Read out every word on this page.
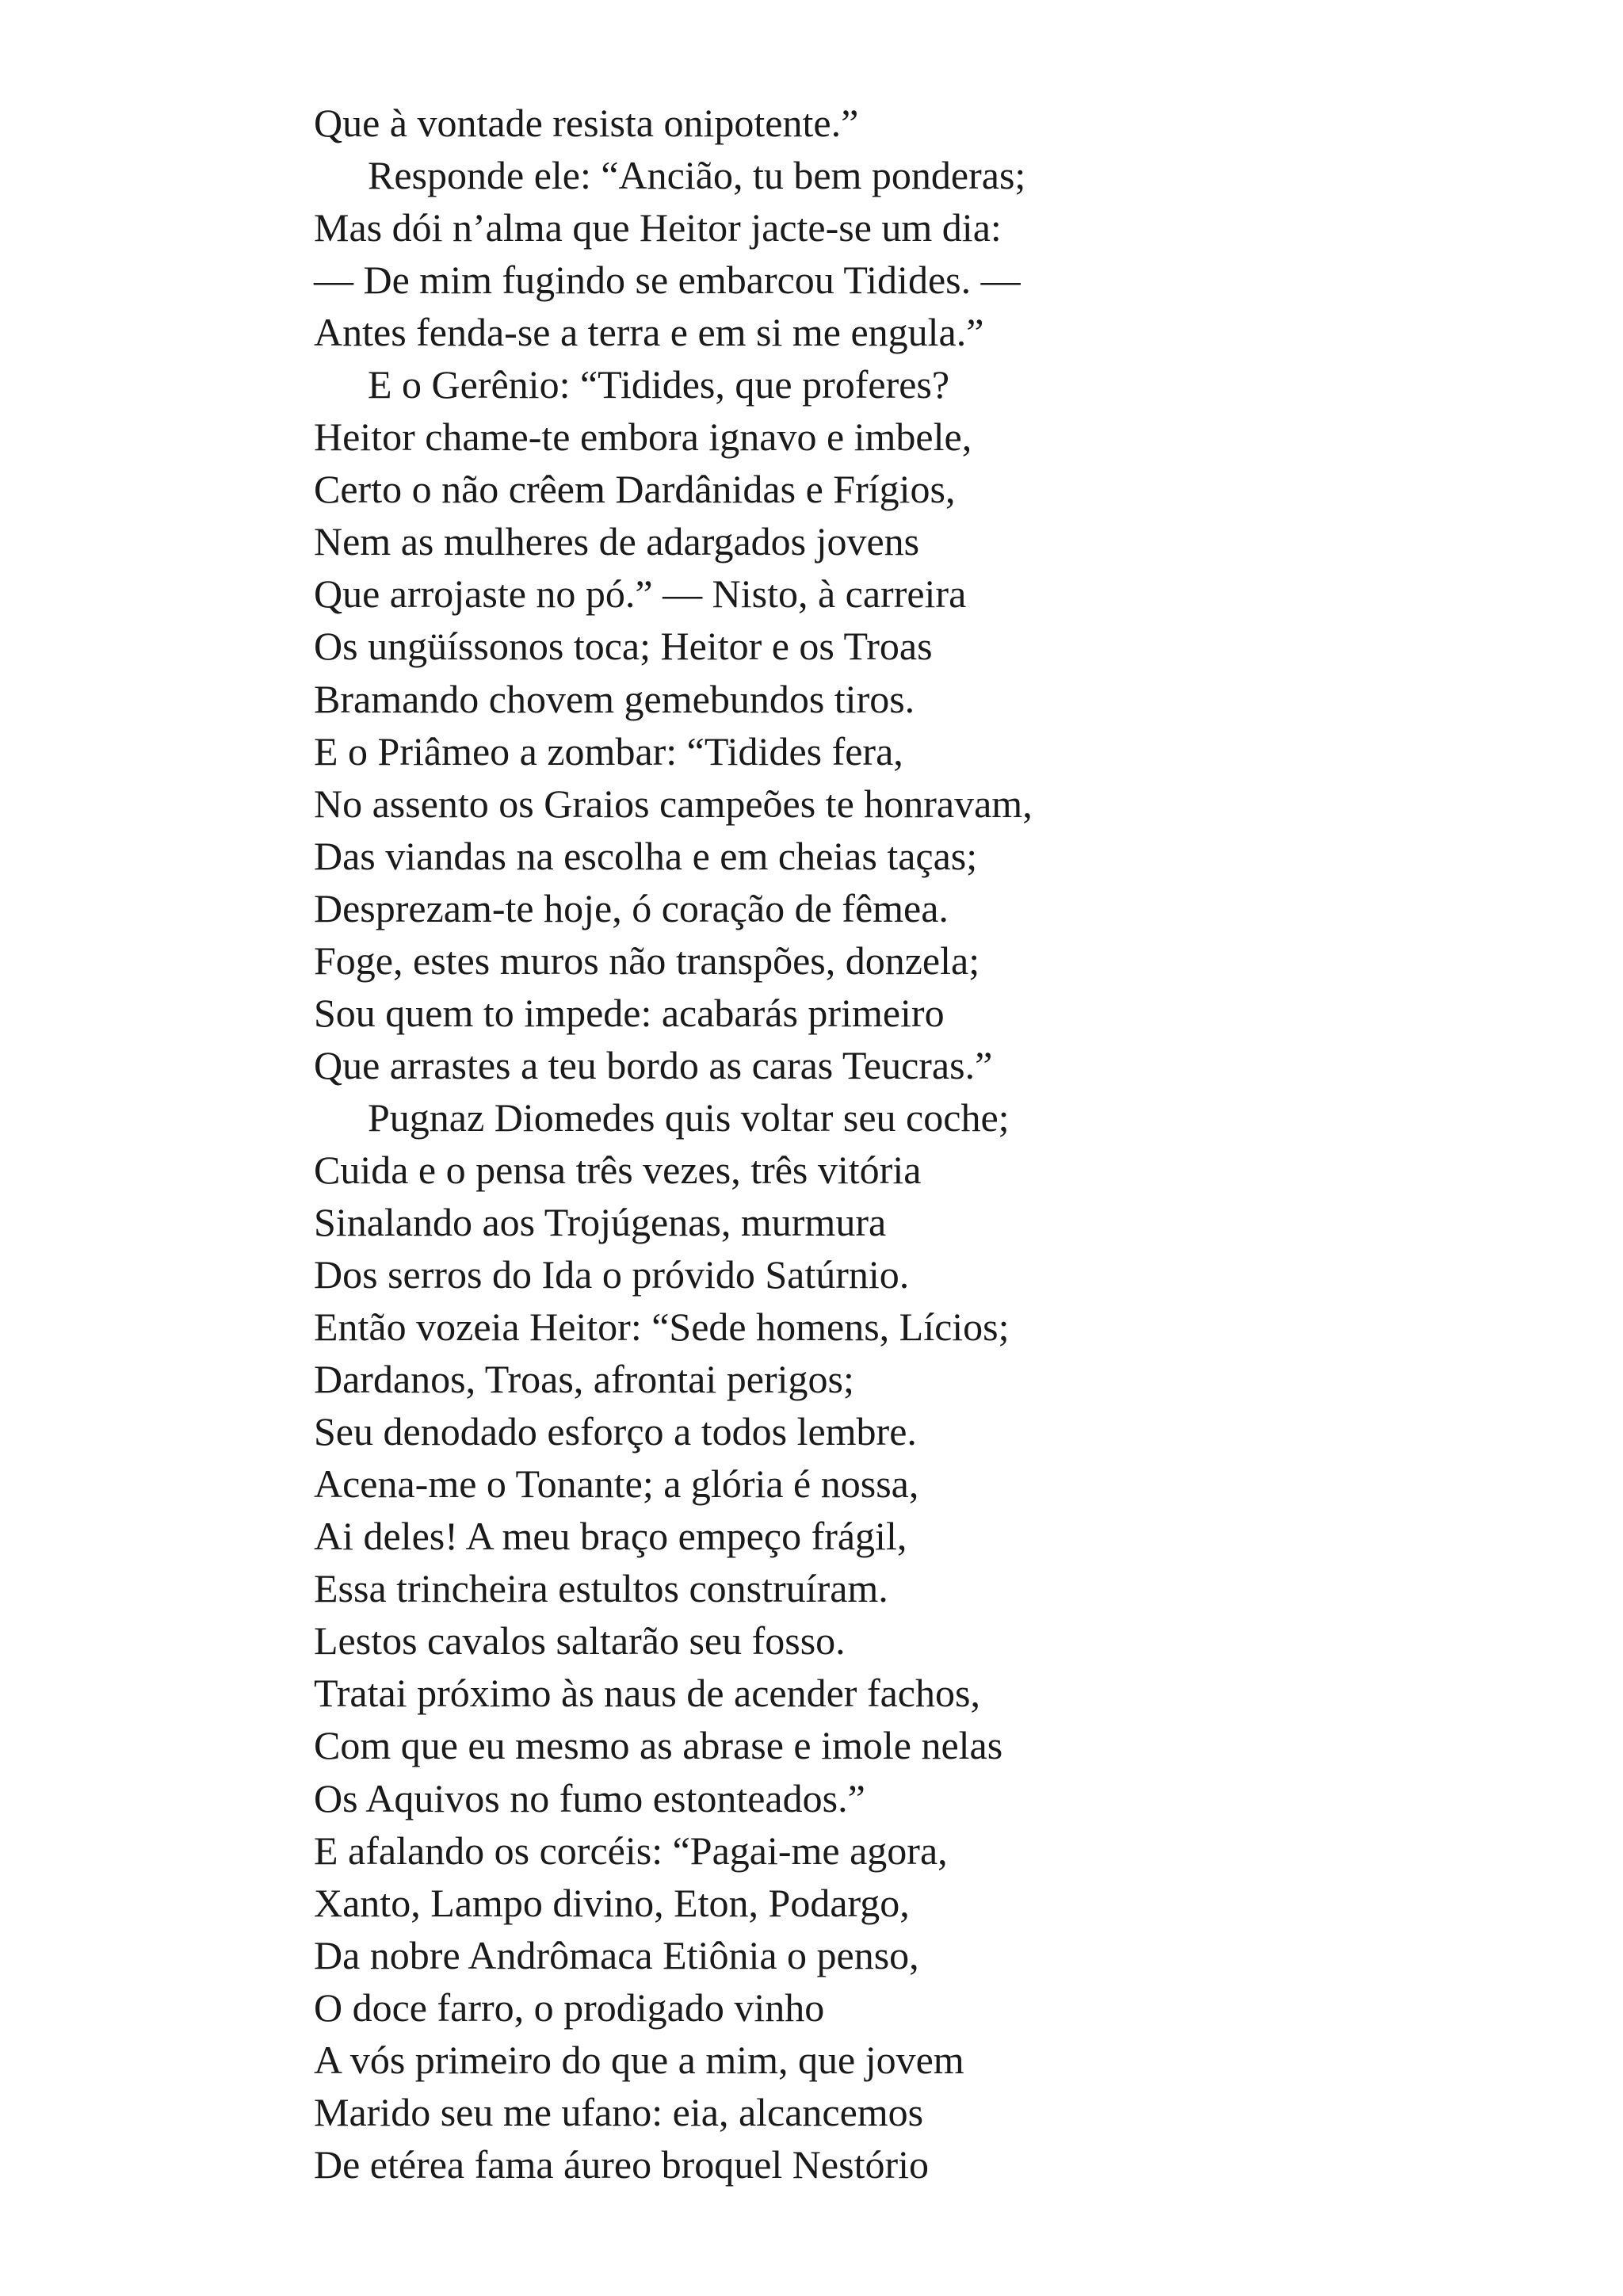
Que à vontade resista onipotente.”
Responde ele: “Ancião, tu bem ponderas;
Mas dói n’alma que Heitor jacte-se um dia:
— De mim fugindo se embarcou Tidides. —
Antes fenda-se a terra e em si me engula.”
E o Gerênio: “Tidides, que proferes?
Heitor chame-te embora ignavo e imbele,
Certo o não crêem Dardânidas e Frígios,
Nem as mulheres de adargados jovens
Que arrojaste no pó.” — Nisto, à carreira
Os ungüíssonos toca; Heitor e os Troas
Bramando chovem gemebundos tiros.
E o Priâmeo a zombar: “Tidides fera,
No assento os Graios campeões te honravam,
Das viandas na escolha e em cheias taças;
Desprezam-te hoje, ó coração de fêmea.
Foge, estes muros não transpões, donzela;
Sou quem to impede: acabarás primeiro
Que arrastes a teu bordo as caras Teucras.”
Pugnaz Diomedes quis voltar seu coche;
Cuida e o pensa três vezes, três vitória
Sinalando aos Trojúgenas, murmura
Dos serros do Ida o próvido Satúrnio.
Então vozeia Heitor: “Sede homens, Lícios;
Dardanos, Troas, afrontai perigos;
Seu denodado esforço a todos lembre.
Acena-me o Tonante; a glória é nossa,
Ai deles! A meu braço empeço frágil,
Essa trincheira estultos construíram.
Lestos cavalos saltarão seu fosso.
Tratai próximo às naus de acender fachos,
Com que eu mesmo as abrase e imole nelas
Os Aquivos no fumo estonteados.”
E afalando os corcéis: “Pagai-me agora,
Xanto, Lampo divino, Eton, Podargo,
Da nobre Andrômaca Etiônia o penso,
O doce farro, o prodigado vinho
A vós primeiro do que a mim, que jovem
Marido seu me ufano: eia, alcancemos
De etérea fama áureo broquel Nestório
